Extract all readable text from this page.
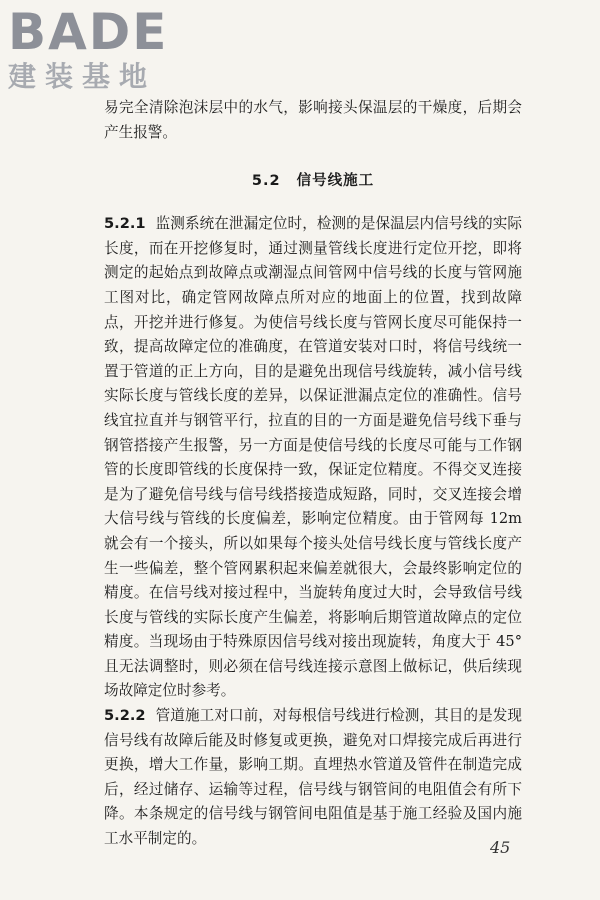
BADE
建装基地

易完全清除泡沫层中的水气，影响接头保温层的干燥度，后期会产生报警。

5.2 信号线施工

5.2.1 监测系统在泄漏定位时，检测的是保温层内信号线的实际长度，而在开挖修复时，通过测量管线长度进行定位开挖，即将测定的起始点到故障点或潮湿点间管网中信号线的长度与管网施工图对比，确定管网故障点所对应的地面上的位置，找到故障点，开挖并进行修复。为使信号线长度与管网长度尽可能保持一致，提高故障定位的准确度，在管道安装对口时，将信号线统一置于管道的正上方向，目的是避免出现信号线旋转，减小信号线实际长度与管线长度的差异，以保证泄漏点定位的准确性。信号线宜拉直并与钢管平行，拉直的目的一方面是避免信号线下垂与钢管搭接产生报警，另一方面是使信号线的长度尽可能与工作钢管的长度即管线的长度保持一致，保证定位精度。不得交叉连接是为了避免信号线与信号线搭接造成短路，同时，交叉连接会增大信号线与管线的长度偏差，影响定位精度。由于管网每 12m 就会有一个接头，所以如果每个接头处信号线长度与管线长度产生一些偏差，整个管网累积起来偏差就很大，会最终影响定位的精度。在信号线对接过程中，当旋转角度过大时，会导致信号线长度与管线的实际长度产生偏差，将影响后期管道故障点的定位精度。当现场由于特殊原因信号线对接出现旋转，角度大于 45°且无法调整时，则必须在信号线连接示意图上做标记，供后续现场故障定位时参考。

5.2.2 管道施工对口前，对每根信号线进行检测，其目的是发现信号线有故障后能及时修复或更换，避免对口焊接完成后再进行更换，增大工作量，影响工期。直埋热水管道及管件在制造完成后，经过储存、运输等过程，信号线与钢管间的电阻值会有所下降。本条规定的信号线与钢管间电阻值是基于施工经验及国内施工水平制定的。	45
